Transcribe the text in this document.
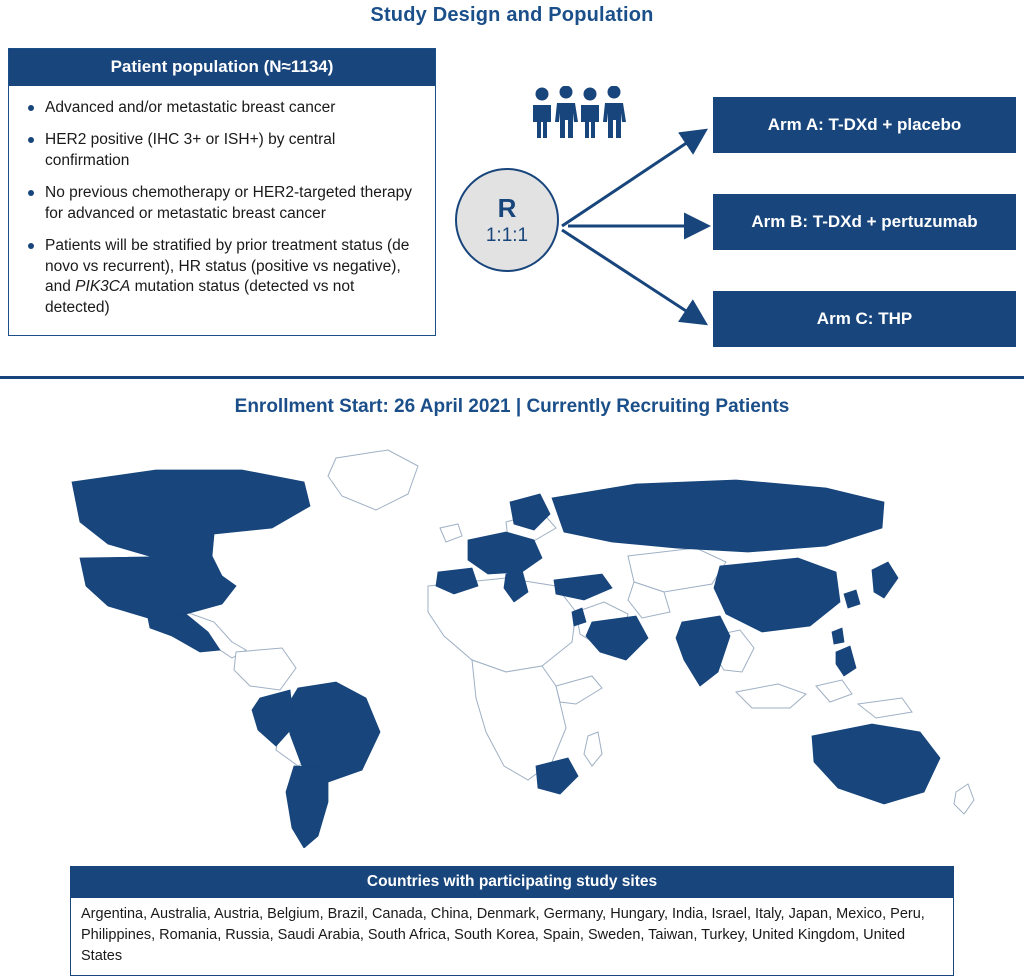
Study Design and Population
Patient population (N≈1134)
Advanced and/or metastatic breast cancer
HER2 positive (IHC 3+ or ISH+) by central confirmation
No previous chemotherapy or HER2-targeted therapy for advanced or metastatic breast cancer
Patients will be stratified by prior treatment status (de novo vs recurrent), HR status (positive vs negative), and PIK3CA mutation status (detected vs not detected)
R
1:1:1
Arm A: T-DXd + placebo
Arm B: T-DXd + pertuzumab
Arm C: THP
Enrollment Start: 26 April 2021 | Currently Recruiting Patients
Countries with participating study sites
Argentina, Australia, Austria, Belgium, Brazil, Canada, China, Denmark, Germany, Hungary, India, Israel, Italy, Japan, Mexico, Peru, Philippines, Romania, Russia, Saudi Arabia, South Africa, South Korea, Spain, Sweden, Taiwan, Turkey, United Kingdom, United States
